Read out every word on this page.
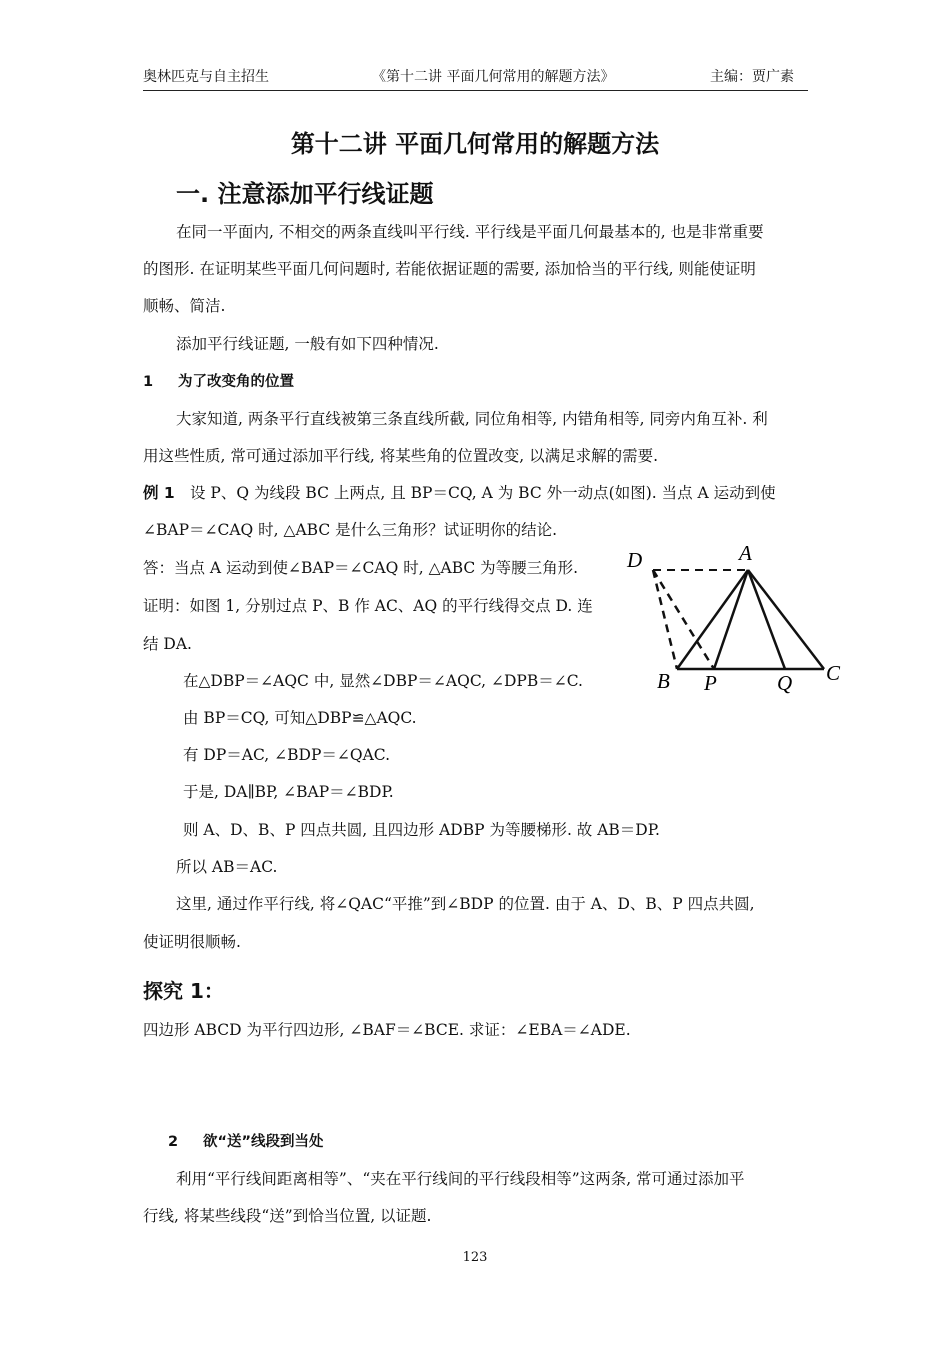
奥林匹克与自主招生	《第十二讲 平面几何常用的解题方法》	主编：贾广素
第十二讲 平面几何常用的解题方法
一. 注意添加平行线证题
在同一平面内, 不相交的两条直线叫平行线. 平行线是平面几何最基本的, 也是非常重要
的图形. 在证明某些平面几何问题时, 若能依据证题的需要, 添加恰当的平行线, 则能使证明
顺畅、简洁.
添加平行线证题, 一般有如下四种情况.
1 为了改变角的位置
大家知道, 两条平行直线被第三条直线所截, 同位角相等, 内错角相等, 同旁内角互补. 利
用这些性质, 常可通过添加平行线, 将某些角的位置改变, 以满足求解的需要.
例 1 设 P、Q 为线段 BC 上两点, 且 BP＝CQ, A 为 BC 外一动点(如图). 当点 A 运动到使
∠BAP＝∠CAQ 时, △ABC 是什么三角形？试证明你的结论.
答：当点 A 运动到使∠BAP＝∠CAQ 时, △ABC 为等腰三角形.
证明：如图 1, 分别过点 P、B 作 AC、AQ 的平行线得交点 D. 连
结 DA.
在△DBP＝∠AQC 中, 显然∠DBP＝∠AQC, ∠DPB＝∠C.
由 BP＝CQ, 可知△DBP≌△AQC.
有 DP＝AC, ∠BDP＝∠QAC.
于是, DA∥BP, ∠BAP＝∠BDP.
则 A、D、B、P 四点共圆, 且四边形 ADBP 为等腰梯形. 故 AB＝DP.
所以 AB＝AC.
这里, 通过作平行线, 将∠QAC“平推”到∠BDP 的位置. 由于 A、D、B、P 四点共圆,
使证明很顺畅.
D	A
B P	Q C
探究 1：
四边形 ABCD 为平行四边形, ∠BAF＝∠BCE. 求证：∠EBA＝∠ADE.
2 欲“送”线段到当处
利用“平行线间距离相等”、“夹在平行线间的平行线段相等”这两条, 常可通过添加平
行线, 将某些线段“送”到恰当位置, 以证题.
123
